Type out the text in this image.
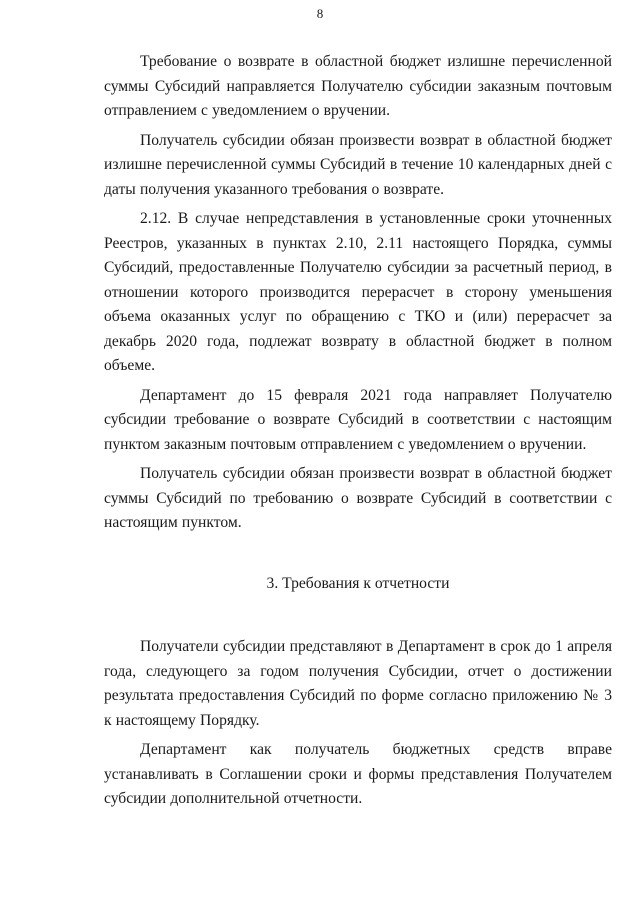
8

Требование о возврате в областной бюджет излишне перечисленной суммы Субсидий направляется Получателю субсидии заказным почтовым отправлением с уведомлением о вручении.

Получатель субсидии обязан произвести возврат в областной бюджет излишне перечисленной суммы Субсидий в течение 10 календарных дней с даты получения указанного требования о возврате.

2.12. В случае непредставления в установленные сроки уточненных Реестров, указанных в пунктах 2.10, 2.11 настоящего Порядка, суммы Субсидий, предоставленные Получателю субсидии за расчетный период, в отношении которого производится перерасчет в сторону уменьшения объема оказанных услуг по обращению с ТКО и (или) перерасчет за декабрь 2020 года, подлежат возврату в областной бюджет в полном объеме.

Департамент до 15 февраля 2021 года направляет Получателю субсидии требование о возврате Субсидий в соответствии с настоящим пунктом заказным почтовым отправлением с уведомлением о вручении.

Получатель субсидии обязан произвести возврат в областной бюджет суммы Субсидий по требованию о возврате Субсидий в соответствии с настоящим пунктом.

3. Требования к отчетности

Получатели субсидии представляют в Департамент в срок до 1 апреля года, следующего за годом получения Субсидии, отчет о достижении результата предоставления Субсидий по форме согласно приложению № 3 к настоящему Порядку.

Департамент как получатель бюджетных средств вправе устанавливать в Соглашении сроки и формы представления Получателем субсидии дополнительной отчетности.
